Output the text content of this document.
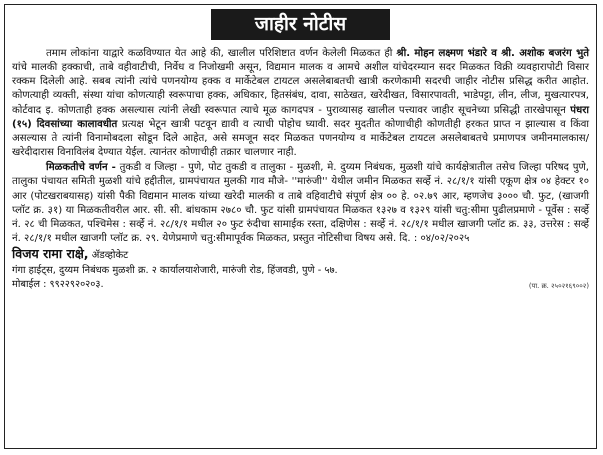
जाहीर नोटीस

तमाम लोकांना याद्वारे कळविण्यात येत आहे की, खालील परिशिष्टात वर्णन केलेली मिळकत ही श्री. मोहन लक्ष्मण भंडारे व श्री. अशोक बजरंग भुते यांचे मालकी हक्काची, ताबे वहीवाटीची, निर्वेध व निजोखमी असून, विद्यमान मालक व आमचे अशील यांचेदरम्यान सदर मिळकत विक्री व्यवहारापोटी विसार रक्कम दिलेली आहे. सबब त्यांनी त्यांचे पणनयोग्य हक्क व मार्केटेबल टायटल असलेबाबतची खात्री करणेकामी सदरची जाहीर नोटीस प्रसिद्ध करीत आहोत. कोणत्याही व्यक्ती, संस्था यांचा कोणत्याही स्वरूपाचा हक्क, अधिकार, हितसंबंध, दावा, साठेखत, खरेदीखत, विसारपावती, भाडेपट्टा, लीन, लीज, मुखत्यारपत्र, कोर्टवाद इ. कोणताही हक्क असल्यास त्यांनी लेखी स्वरूपात त्याचे मूळ कागदपत्र - पुराव्यासह खालील पत्त्यावर जाहीर सूचनेच्या प्रसिद्धी तारखेपासून पंधरा (१५) दिवसांच्या कालावधीत प्रत्यक्ष भेटून खात्री पटवून द्यावी व त्याची पोहोच घ्यावी. सदर मुदतीत कोणाचीही कोणतीही हरकत प्राप्त न झाल्यास व किंवा असल्यास ते त्यांनी विनामोबदला सोडून दिले आहेत, असे समजून सदर मिळकत पणनयोग्य व मार्केटेबल टायटल असलेबाबतचे प्रमाणपत्र जमीनमालकास/खरेदीदारास विनाविलंब देण्यात येईल. त्यानंतर कोणाचीही तक्रार चालणार नाही.

मिळकतीचे वर्णन - तुकडी व जिल्हा - पुणे, पोट तुकडी व तालुका - मुळशी, मे. दुय्यम निबंधक, मुळशी यांचे कार्यक्षेत्रातील तसेच जिल्हा परिषद पुणे, तालुका पंचायत समिती मुळशी यांचे हद्दीतील, ग्रामपंचायत मुलकी गाव मौजे- ''मारुंजी'' येथील जमीन मिळकत सर्व्हे नं. २८/१/१ यांसी एकूण क्षेत्र ०४ हेक्टर १० आर (पोटखराबयासह) यांसी पैकी विद्यमान मालक यांच्या खरेदी मालकी व ताबे वहिवाटीचे संपूर्ण क्षेत्र ०० हे. ०२.७९ आर, म्हणजेच ३००० चौ. फुट, (खाजगी प्लॉट क्र. ३१) या मिळकतीवरील आर. सी. सी. बांधकाम २७८० चौ. फुट यांसी ग्रामपंचायत मिळकत १३२७ व १३२९ यांसी चतु:सीमा पुढीलप्रमाणे - पूर्वेस : सर्व्हे नं. २८ ची मिळकत, पश्चिमेस : सर्व्हे नं. २८/१/१ मधील २० फुट रुंदीचा सामाईक रस्ता, दक्षिणेस : सर्व्हे नं. २८/१/१ मधील खाजगी प्लॉट क्र. ३३, उत्तरेस : सर्व्हे नं. २८/१/१ मधील खाजगी प्लॉट क्र. २९. येणेप्रमाणे चतु:सीमापूर्वक मिळकत, प्रस्तुत नोटिसीचा विषय असे. दि. : ०४/०२/२०२५

विजय रामा राक्षे, ॲडव्होकेट
गंगा हाईट्स, दुय्यम निबंधक मुळशी क्र. २ कार्यालयाशेजारी, मारुंजी रोड, हिंजवडी, पुणे - ५७.
मोबाईल : ९९२२९२०२०३.	(पा. क्र. २५०२१६९००२)
